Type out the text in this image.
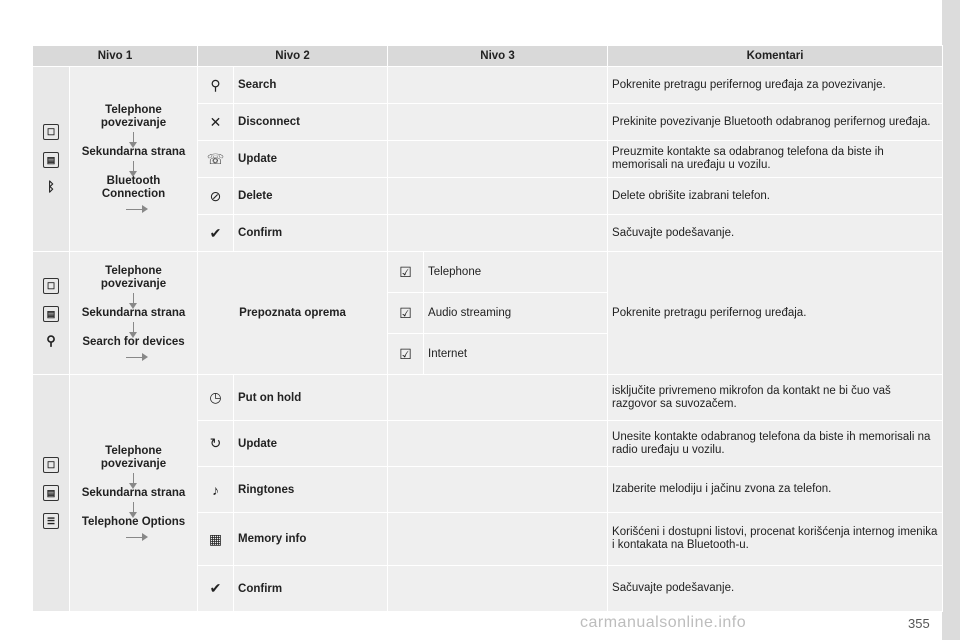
Nivo 1		Nivo 2		Nivo 3		Komentari

☐
▤
ᛒ	Telephone povezivanje
Sekundarna strana
Bluetooth Connection	⚲	Search			Pokrenite pretragu perifernog uređaja za povezivanje.
		✕	Disconnect			Prekinite povezivanje Bluetooth odabranog perifernog uređaja.
		☏	Update			Preuzmite kontakte sa odabranog telefona da biste ih memorisali na uređaju u vozilu.
		⊘	Delete			Delete obrišite izabrani telefon.
		✔	Confirm			Sačuvajte podešavanje.

☐
▤
⚲	Telephone povezivanje
Sekundarna strana
Search for devices	Prepoznata oprema		☑	Telephone	Pokrenite pretragu perifernog uređaja.
				☑	Audio streaming	
				☑	Internet	

☐
▤
☰	Telephone povezivanje
Sekundarna strana
Telephone Options	◷	Put on hold			isključite privremeno mikrofon da kontakt ne bi čuo vaš razgovor sa suvozačem.
		↻	Update			Unesite kontakte odabranog telefona da biste ih memorisali na radio uređaju u vozilu.
		♪	Ringtones			Izaberite melodiju i jačinu zvona za telefon.
		▦	Memory info			Korišćeni i dostupni listovi, procenat korišćenja internog imenika i kontakata na Bluetooth-u.
		✔	Confirm			Sačuvajte podešavanje.
carmanualsonline.info	355
